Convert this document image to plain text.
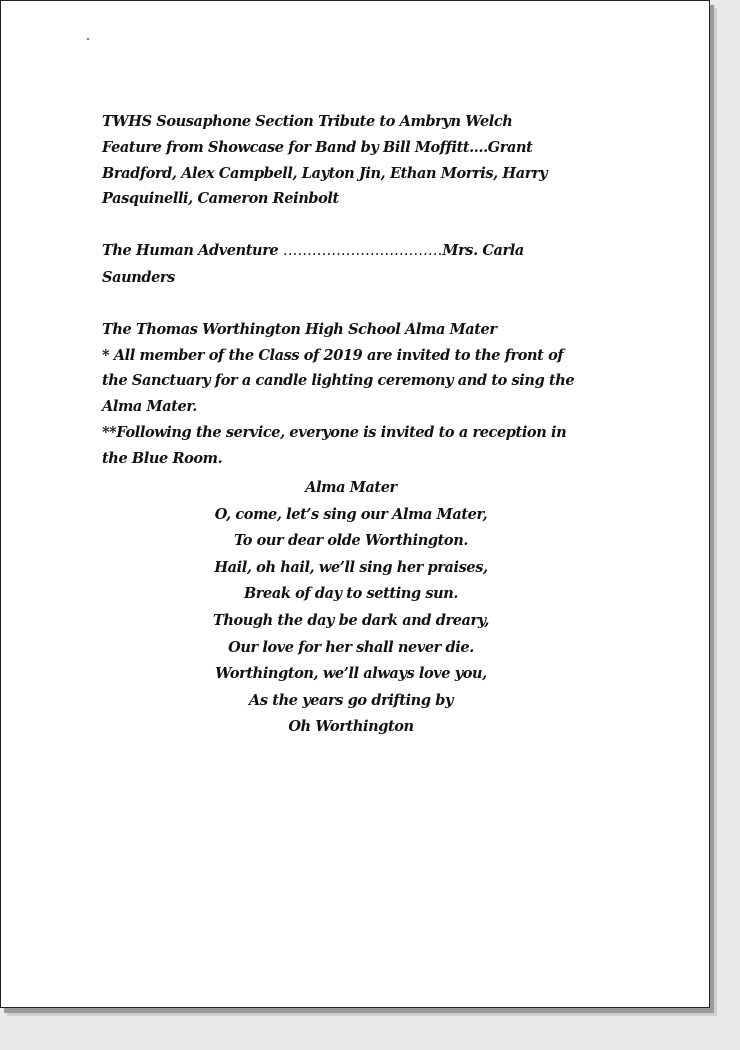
TWHS Sousaphone Section Tribute to Ambryn Welch

Feature from Showcase for Band by Bill Moffitt....Grant Bradford, Alex Campbell, Layton Jin, Ethan Morris, Harry Pasquinelli, Cameron Reinbolt

The Human Adventure ……………………………Mrs. Carla Saunders

The Thomas Worthington High School Alma Mater

* All member of the Class of 2019 are invited to the front of the Sanctuary for a candle lighting ceremony and to sing the Alma Mater.

**Following the service, everyone is invited to a reception in the Blue Room.

Alma Mater

O, come, let’s sing our Alma Mater,

To our dear olde Worthington.

Hail, oh hail, we’ll sing her praises,

Break of day to setting sun.

Though the day be dark and dreary,

Our love for her shall never die.

Worthington, we’ll always love you,

As the years go drifting by

Oh Worthington
